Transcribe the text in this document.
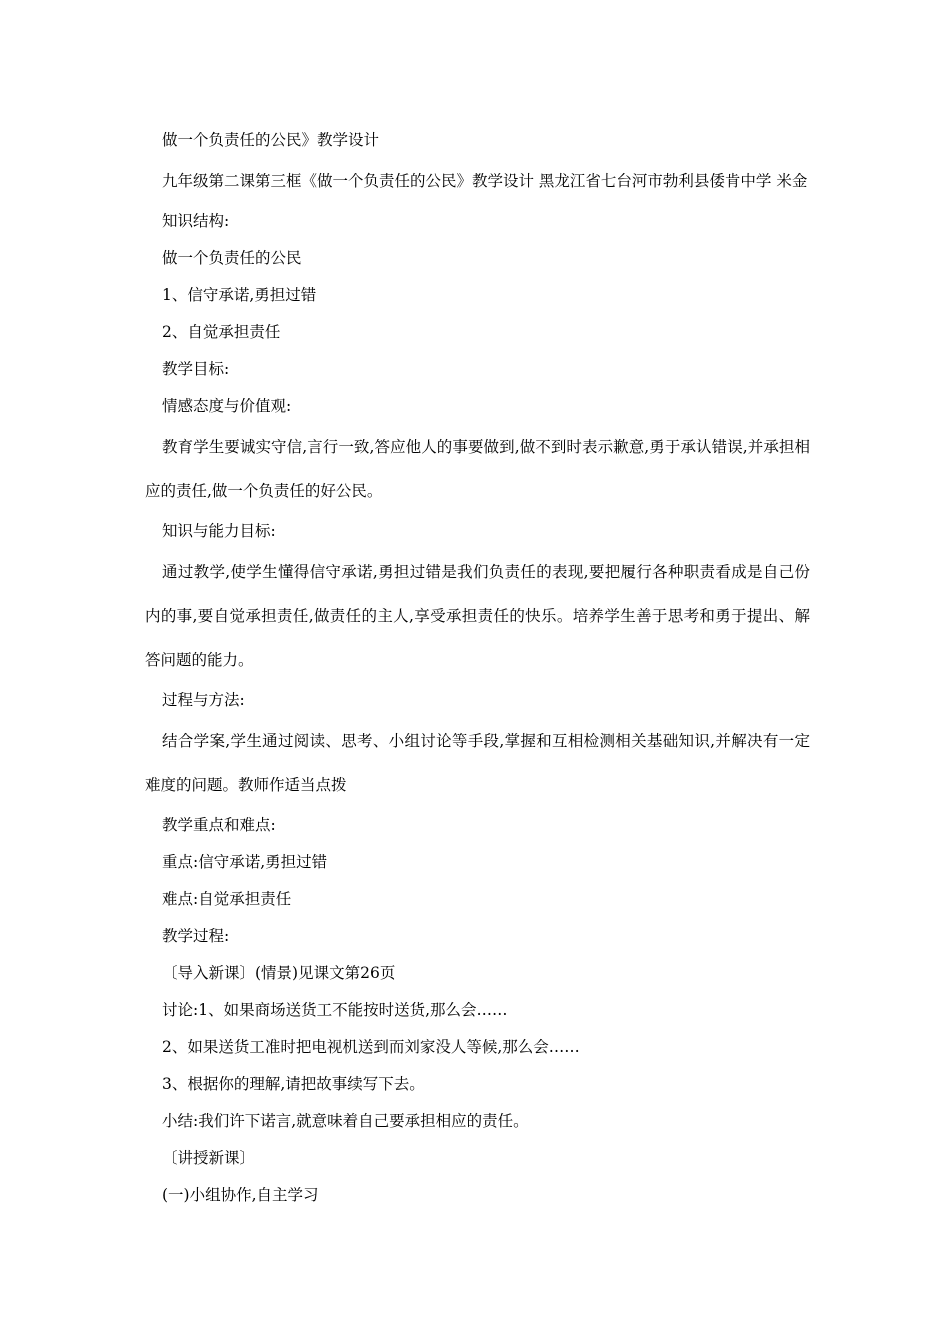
做一个负责任的公民》教学设计

九年级第二课第三框《做一个负责任的公民》教学设计 黑龙江省七台河市勃利县倭肯中学 米金

知识结构:

做一个负责任的公民

1、信守承诺,勇担过错

2、自觉承担责任

教学目标:

情感态度与价值观:

教育学生要诚实守信,言行一致,答应他人的事要做到,做不到时表示歉意,勇于承认错误,并承担相应的责任,做一个负责任的好公民。

知识与能力目标:

通过教学,使学生懂得信守承诺,勇担过错是我们负责任的表现,要把履行各种职责看成是自己份内的事,要自觉承担责任,做责任的主人,享受承担责任的快乐。培养学生善于思考和勇于提出、解答问题的能力。

过程与方法:

结合学案,学生通过阅读、思考、小组讨论等手段,掌握和互相检测相关基础知识,并解决有一定难度的问题。教师作适当点拨

教学重点和难点:

重点:信守承诺,勇担过错

难点:自觉承担责任

教学过程:

〔导入新课〕(情景)见课文第26页

讨论:1、如果商场送货工不能按时送货,那么会……

2、如果送货工准时把电视机送到而刘家没人等候,那么会……

3、根据你的理解,请把故事续写下去。

小结:我们许下诺言,就意味着自己要承担相应的责任。

〔讲授新课〕

(一)小组协作,自主学习
